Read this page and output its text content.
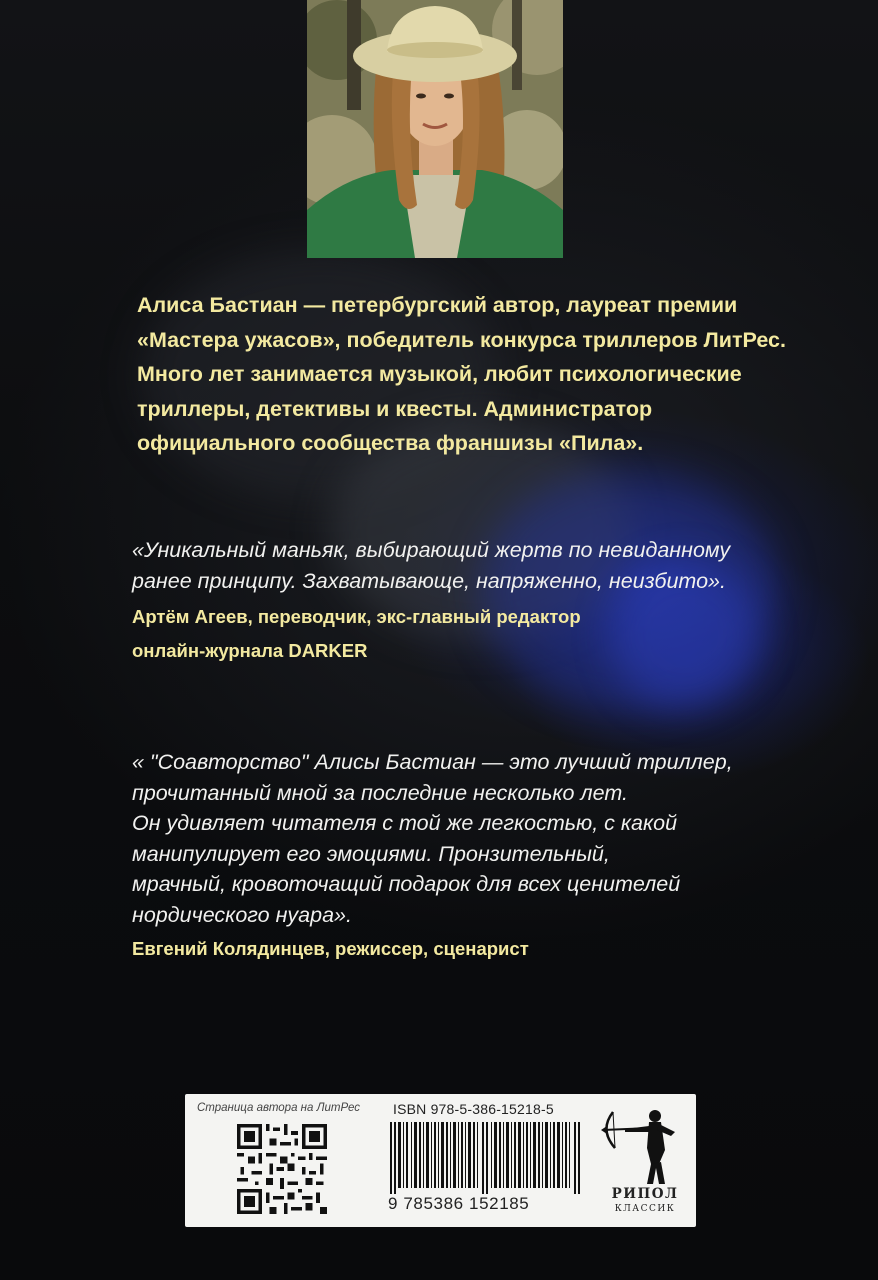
Алиса Бастиан — петербургский автор, лауреат премии
«Мастера ужасов», победитель конкурса триллеров ЛитРес.
Много лет занимается музыкой, любит психологические
триллеры, детективы и квесты. Администратор
официального сообщества франшизы «Пила».
«Уникальный маньяк, выбирающий жертв по невиданному
ранее принципу. Захватывающе, напряженно, неизбито».
Артём Агеев, переводчик, экс-главный редактор
онлайн-журнала DARKER
« "Соавторство" Алисы Бастиан — это лучший триллер,
прочитанный мной за последние несколько лет.
Он удивляет читателя с той же легкостью, с какой
манипулирует его эмоциями. Пронзительный,
мрачный, кровоточащий подарок для всех ценителей
нордического нуара».
Евгений Колядинцев, режиссер, сценарист
Страница автора на ЛитРес ISBN 978-5-386-15218-5
9 785386 152185	РИПОЛ
КЛАССИК
